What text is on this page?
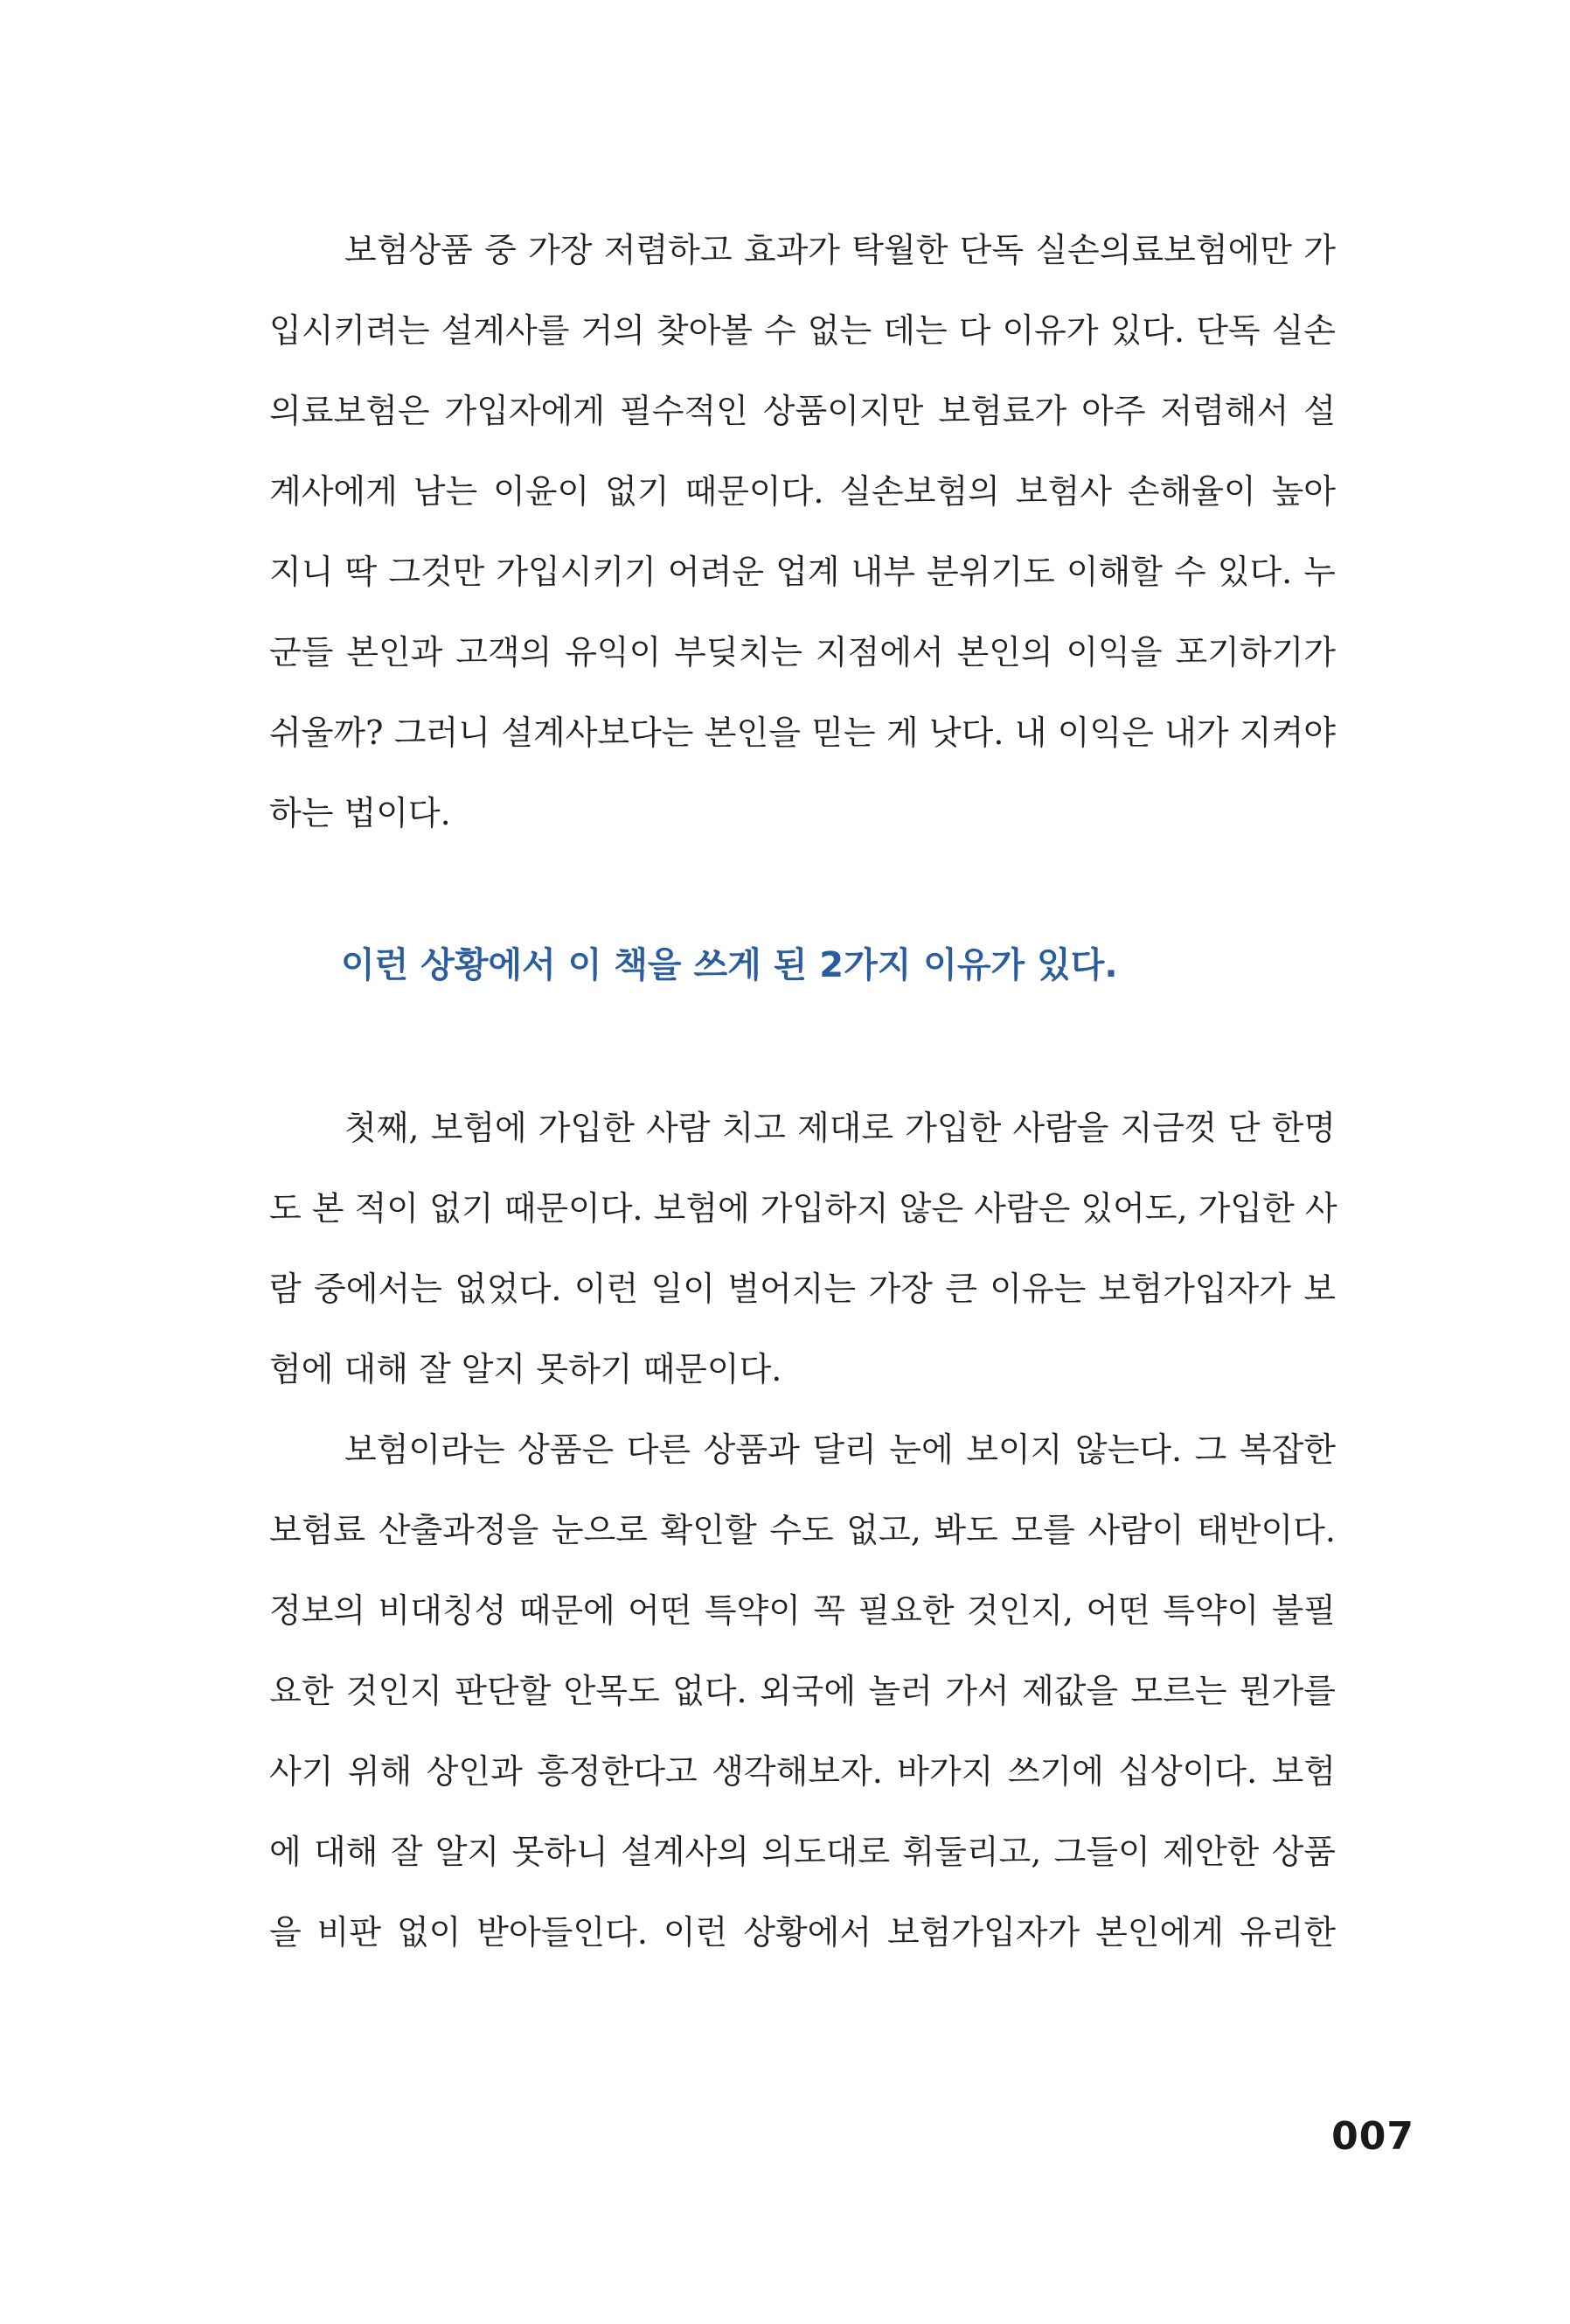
보험상품 중 가장 저렴하고 효과가 탁월한 단독 실손의료보험에만 가
입시키려는 설계사를 거의 찾아볼 수 없는 데는 다 이유가 있다. 단독 실손
의료보험은 가입자에게 필수적인 상품이지만 보험료가 아주 저렴해서 설
계사에게 남는 이윤이 없기 때문이다. 실손보험의 보험사 손해율이 높아
지니 딱 그것만 가입시키기 어려운 업계 내부 분위기도 이해할 수 있다. 누
군들 본인과 고객의 유익이 부딪치는 지점에서 본인의 이익을 포기하기가
쉬울까? 그러니 설계사보다는 본인을 믿는 게 낫다. 내 이익은 내가 지켜야
하는 법이다.
이런 상황에서 이 책을 쓰게 된 2가지 이유가 있다.
첫째, 보험에 가입한 사람 치고 제대로 가입한 사람을 지금껏 단 한명
도 본 적이 없기 때문이다. 보험에 가입하지 않은 사람은 있어도, 가입한 사
람 중에서는 없었다. 이런 일이 벌어지는 가장 큰 이유는 보험가입자가 보
험에 대해 잘 알지 못하기 때문이다.
보험이라는 상품은 다른 상품과 달리 눈에 보이지 않는다. 그 복잡한
보험료 산출과정을 눈으로 확인할 수도 없고, 봐도 모를 사람이 태반이다.
정보의 비대칭성 때문에 어떤 특약이 꼭 필요한 것인지, 어떤 특약이 불필
요한 것인지 판단할 안목도 없다. 외국에 놀러 가서 제값을 모르는 뭔가를
사기 위해 상인과 흥정한다고 생각해보자. 바가지 쓰기에 십상이다. 보험
에 대해 잘 알지 못하니 설계사의 의도대로 휘둘리고, 그들이 제안한 상품
을 비판 없이 받아들인다. 이런 상황에서 보험가입자가 본인에게 유리한
007
